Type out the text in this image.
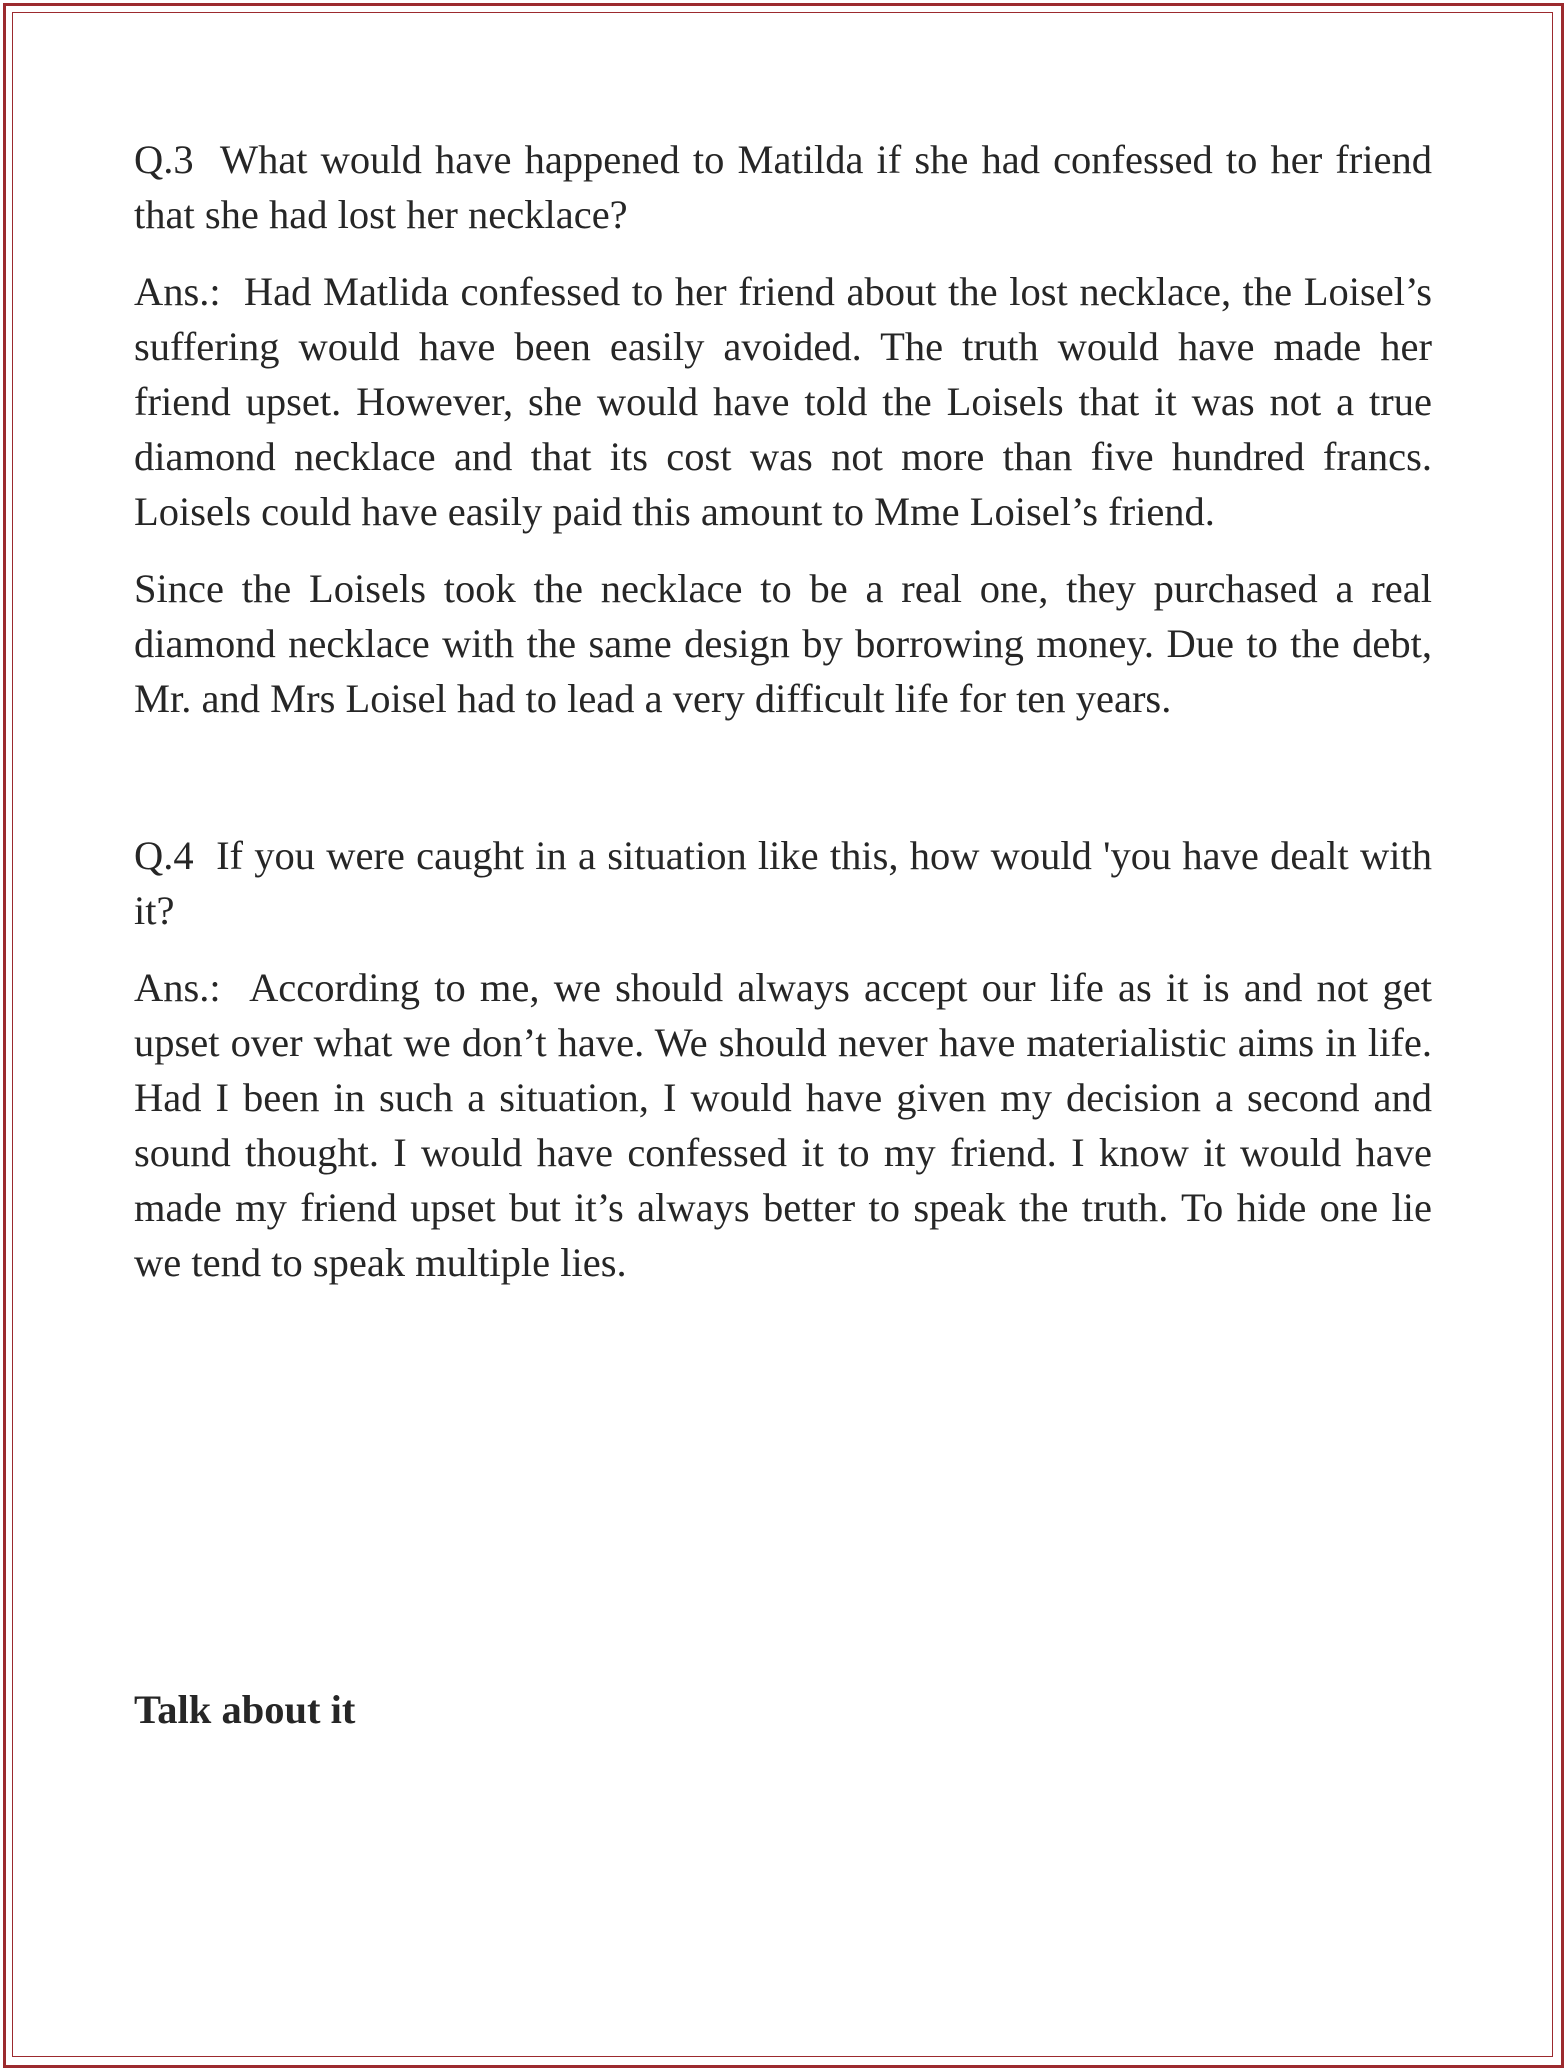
Q.3 What would have happened to Matilda if she had confessed to her friend that she had lost her necklace?

Ans.: Had Matlida confessed to her friend about the lost necklace, the Loisel’s suffering would have been easily avoided. The truth would have made her friend upset. However, she would have told the Loisels that it was not a true diamond necklace and that its cost was not more than five hundred francs. Loisels could have easily paid this amount to Mme Loisel’s friend.

Since the Loisels took the necklace to be a real one, they purchased a real diamond necklace with the same design by borrowing money. Due to the debt, Mr. and Mrs Loisel had to lead a very difficult life for ten years.

Q.4 If you were caught in a situation like this, how would 'you have dealt with it?

Ans.: According to me, we should always accept our life as it is and not get upset over what we don’t have. We should never have materialistic aims in life. Had I been in such a situation, I would have given my decision a second and sound thought. I would have confessed it to my friend. I know it would have made my friend upset but it’s always better to speak the truth. To hide one lie we tend to speak multiple lies.

Talk about it
